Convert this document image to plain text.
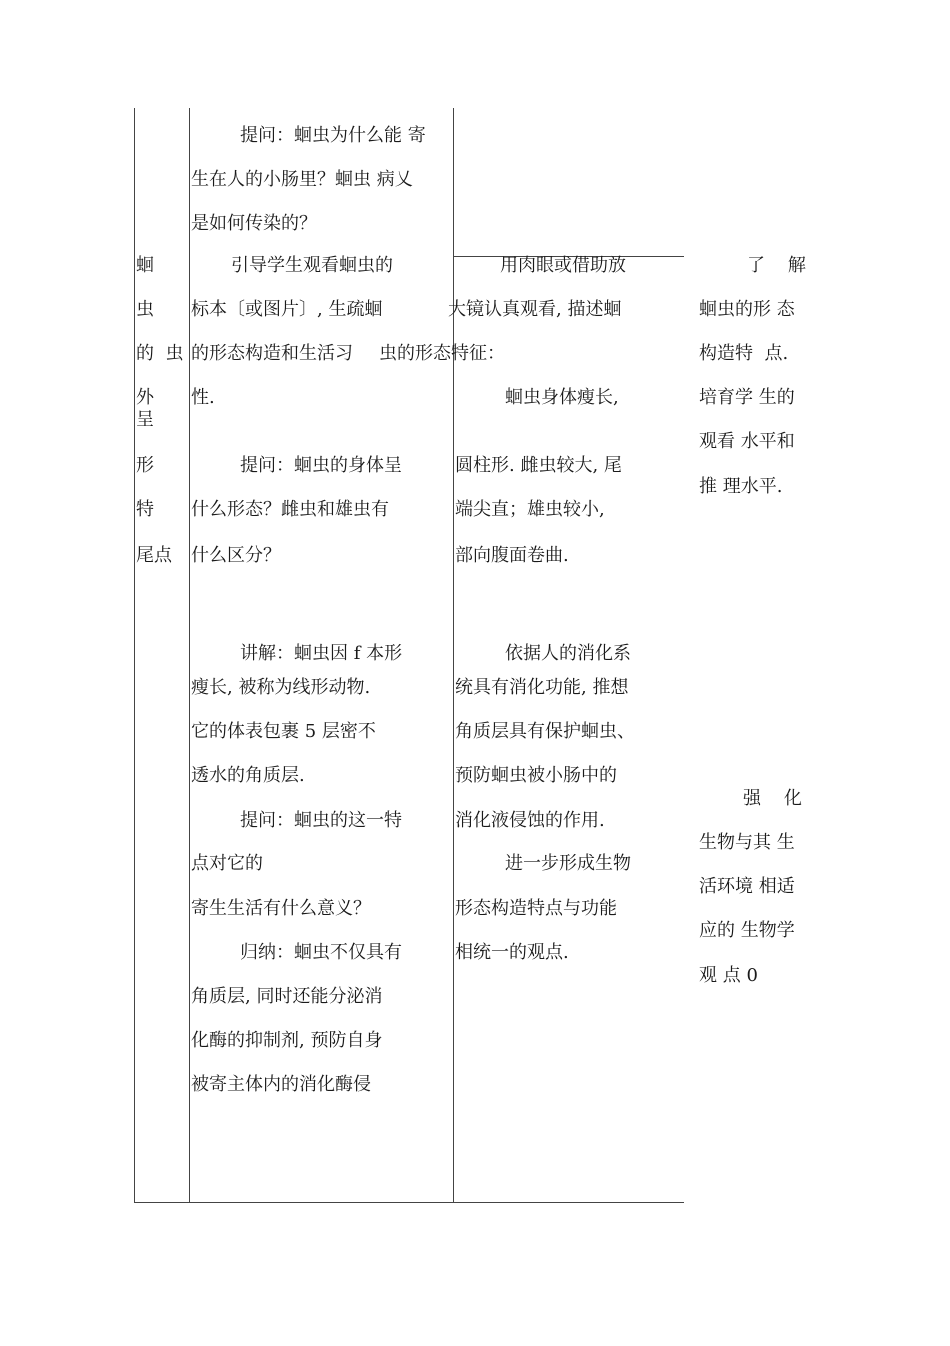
蛔
虫
的  虫
外
呈
形
特
尾点
提问：蛔虫为什么能 寄
生在人的小肠里？蛔虫 病乂
是如何传染的？
引导学生观看蛔虫的
标本〔或图片〕, 生疏蛔
的形态构造和生活习
性.
提问：蛔虫的身体呈
什么形态？雌虫和雄虫有
什么区分？
讲解：蛔虫因 f 本形
瘦长, 被称为线形动物.
它的体表包裹 5 层密不
透水的角质层.
提问：蛔虫的这一特
点对它的
寄生生活有什么意义？
归纳：蛔虫不仅具有
角质层, 同时还能分泌消
化酶的抑制剂, 预防自身
被寄主体内的消化酶侵
用肉眼或借助放
大镜认真观看, 描述蛔
虫的形态特征：
蛔虫身体瘦长,
圆柱形. 雌虫较大, 尾
端尖直；雄虫较小,
部向腹面卷曲.
依据人的消化系
统具有消化功能, 推想
角质层具有保护蛔虫、
预防蛔虫被小肠中的
消化液侵蚀的作用.
进一步形成生物
形态构造特点与功能
相统一的观点.
了    解
蛔虫的形 态
构造特  点.
培育学 生的
观看 水平和
推 理水平.
强    化
生物与其 生
活环境 相适
应的 生物学
观 点 0
